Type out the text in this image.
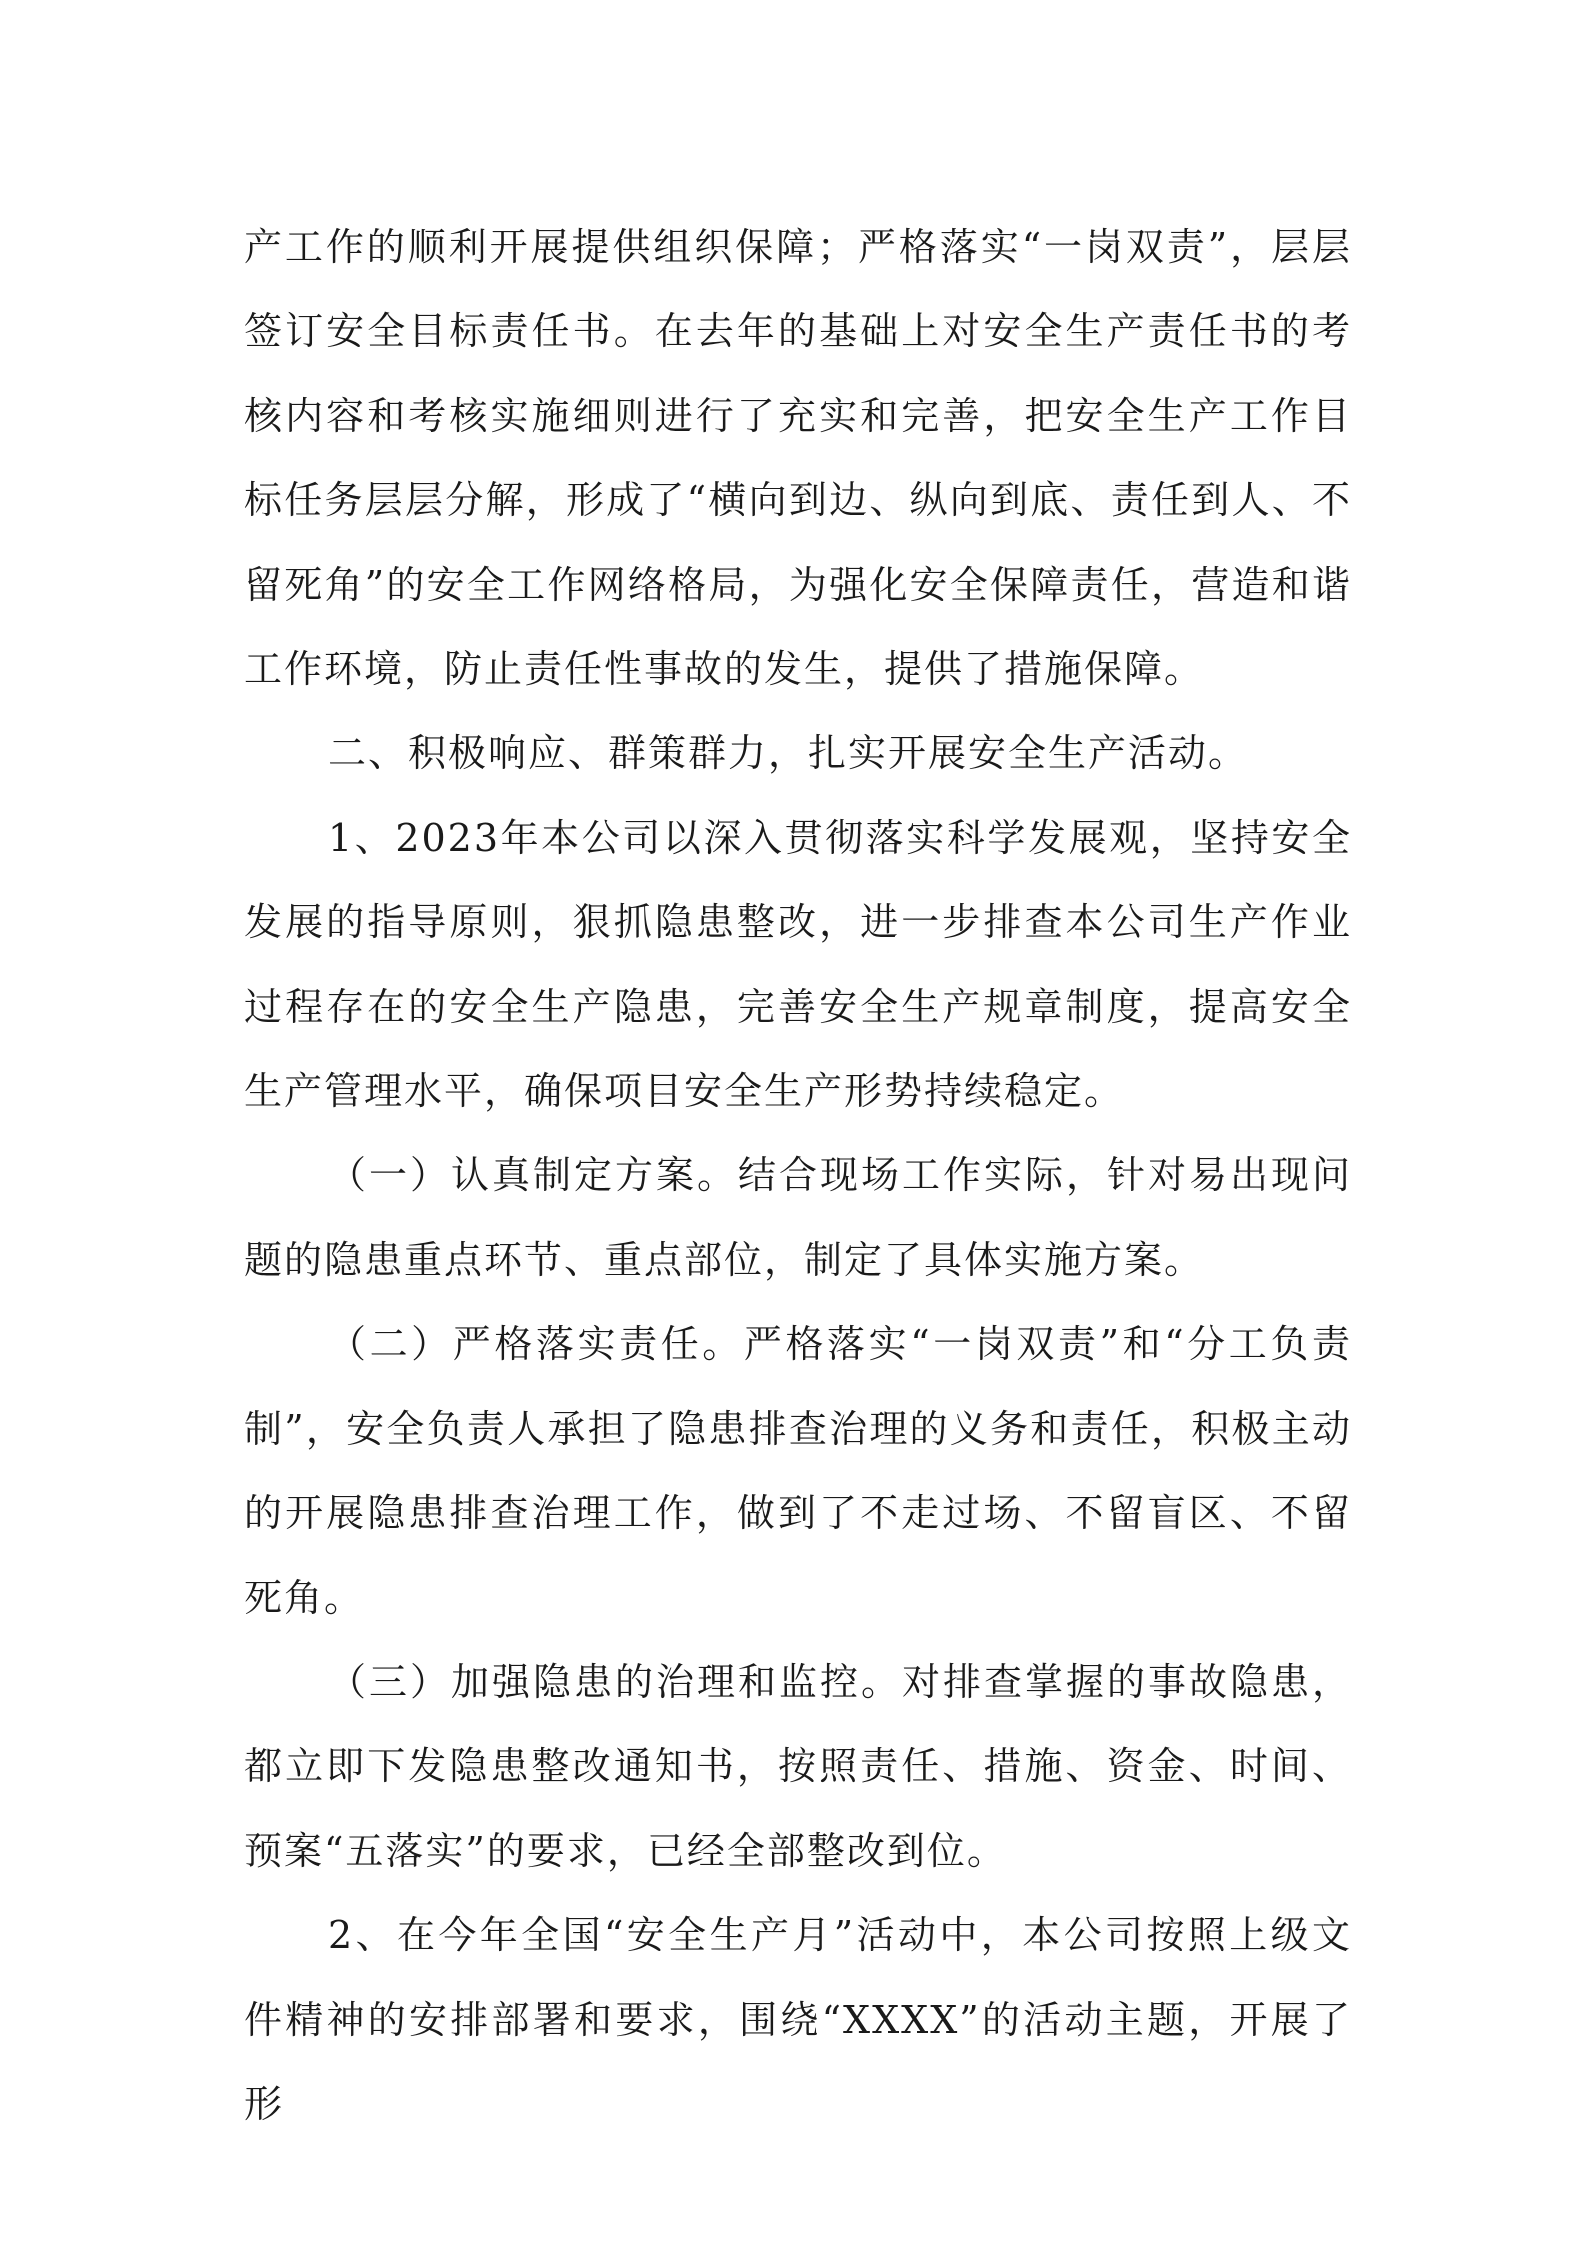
产工作的顺利开展提供组织保障；严格落实“一岗双责”，层层签订安全目标责任书。在去年的基础上对安全生产责任书的考核内容和考核实施细则进行了充实和完善，把安全生产工作目标任务层层分解，形成了“横向到边、纵向到底、责任到人、不留死角”的安全工作网络格局，为强化安全保障责任，营造和谐工作环境，防止责任性事故的发生，提供了措施保障。

二、积极响应、群策群力，扎实开展安全生产活动。

1、2023年本公司以深入贯彻落实科学发展观，坚持安全发展的指导原则，狠抓隐患整改，进一步排查本公司生产作业过程存在的安全生产隐患，完善安全生产规章制度，提高安全生产管理水平，确保项目安全生产形势持续稳定。

（一）认真制定方案。结合现场工作实际，针对易出现问题的隐患重点环节、重点部位，制定了具体实施方案。

（二）严格落实责任。严格落实“一岗双责”和“分工负责制”，安全负责人承担了隐患排查治理的义务和责任，积极主动的开展隐患排查治理工作，做到了不走过场、不留盲区、不留死角。

（三）加强隐患的治理和监控。对排查掌握的事故隐患，都立即下发隐患整改通知书，按照责任、措施、资金、时间、预案“五落实”的要求，已经全部整改到位。

2、在今年全国“安全生产月”活动中，本公司按照上级文件精神的安排部署和要求，围绕“XXXX”的活动主题，开展了形
